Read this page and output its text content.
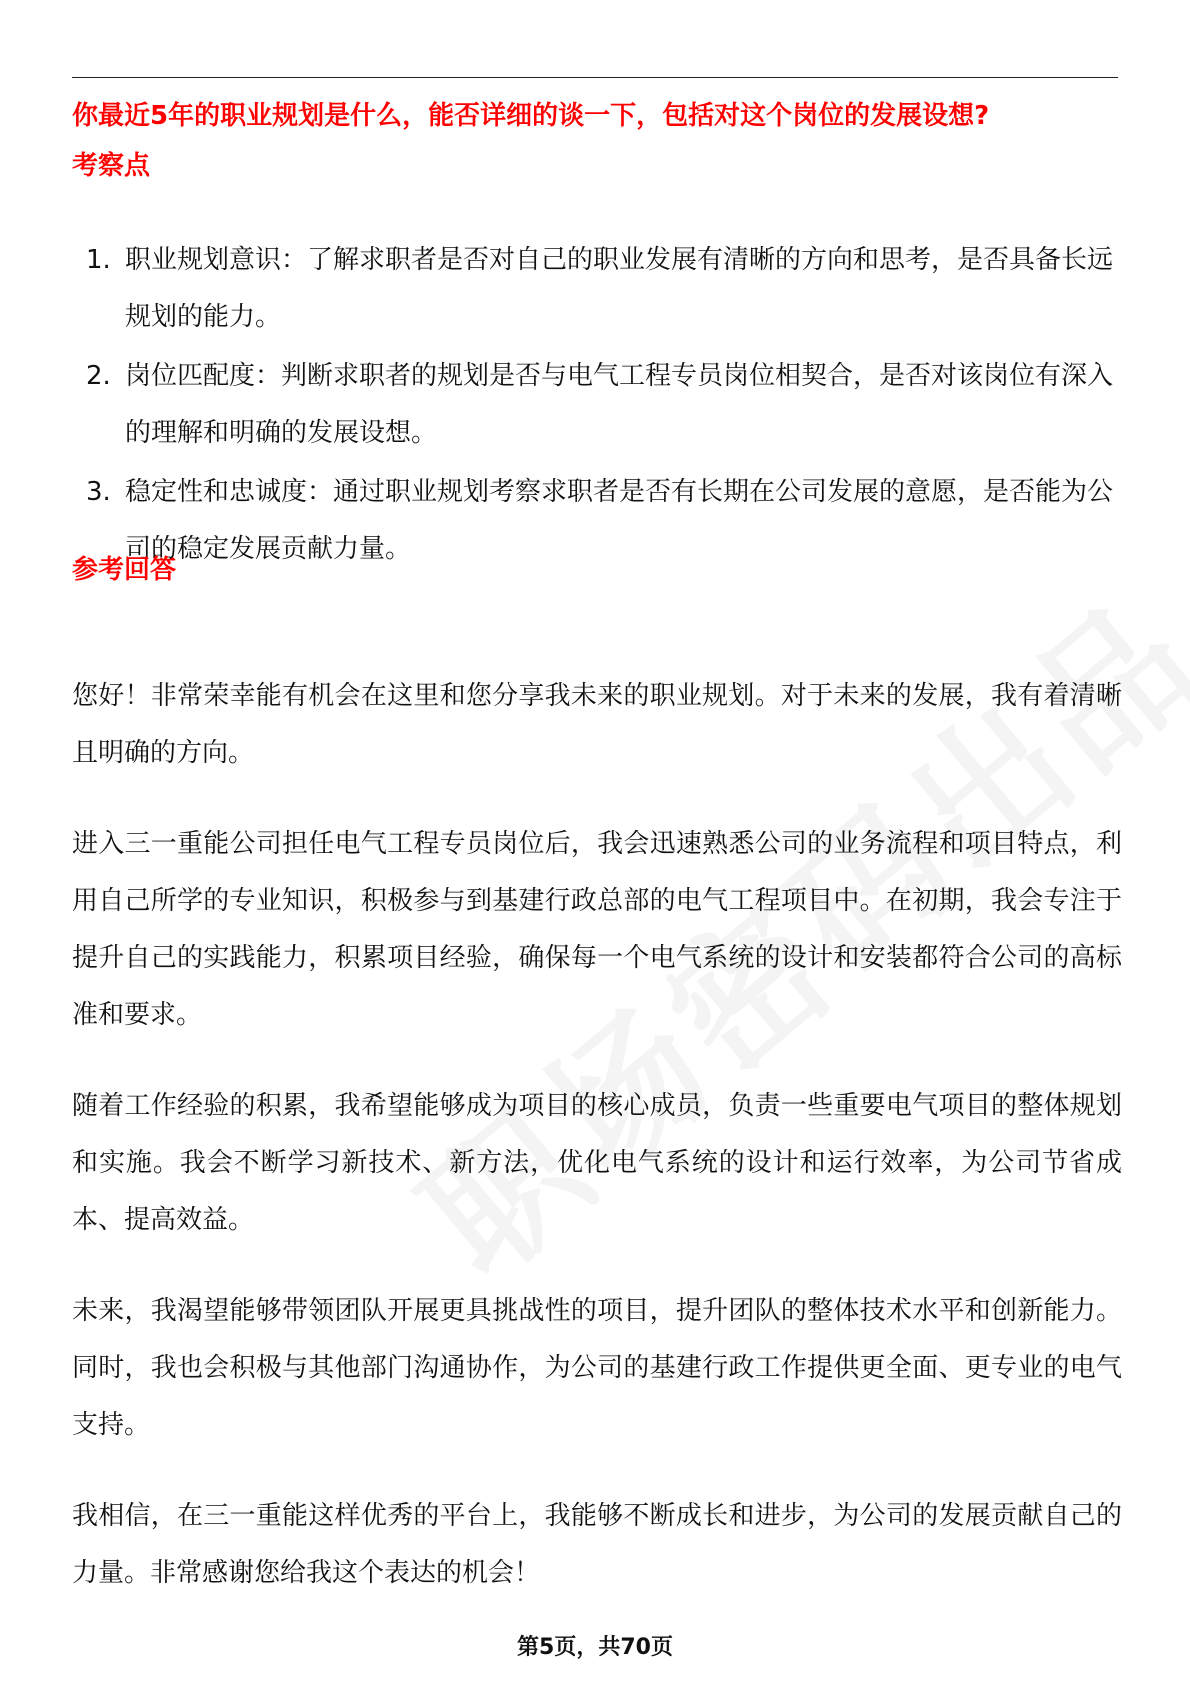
你最近5年的职业规划是什么，能否详细的谈一下，包括对这个岗位的发展设想?
考察点
1. 职业规划意识：了解求职者是否对自己的职业发展有清晰的方向和思考，是否具备长远规划的能力。
2. 岗位匹配度：判断求职者的规划是否与电气工程专员岗位相契合，是否对该岗位有深入的理解和明确的发展设想。
3. 稳定性和忠诚度：通过职业规划考察求职者是否有长期在公司发展的意愿，是否能为公司的稳定发展贡献力量。
参考回答

您好！非常荣幸能有机会在这里和您分享我未来的职业规划。对于未来的发展，我有着清晰且明确的方向。

进入三一重能公司担任电气工程专员岗位后，我会迅速熟悉公司的业务流程和项目特点，利用自己所学的专业知识，积极参与到基建行政总部的电气工程项目中。在初期，我会专注于提升自己的实践能力，积累项目经验，确保每一个电气系统的设计和安装都符合公司的高标准和要求。

随着工作经验的积累，我希望能够成为项目的核心成员，负责一些重要电气项目的整体规划和实施。我会不断学习新技术、新方法，优化电气系统的设计和运行效率，为公司节省成本、提高效益。

未来，我渴望能够带领团队开展更具挑战性的项目，提升团队的整体技术水平和创新能力。同时，我也会积极与其他部门沟通协作，为公司的基建行政工作提供更全面、更专业的电气支持。

我相信，在三一重能这样优秀的平台上，我能够不断成长和进步，为公司的发展贡献自己的力量。非常感谢您给我这个表达的机会！

第5页，共70页
